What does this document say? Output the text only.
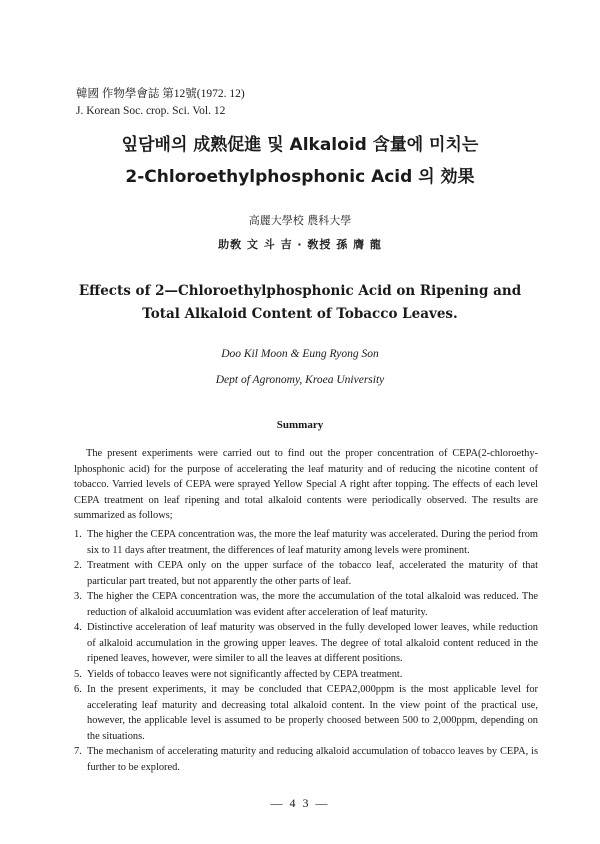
韓國 作物學會誌 第12號(1972. 12)
J. Korean Soc. crop. Sci. Vol. 12
잎담배의 成熟促進 및 Alkaloid 含量에 미치는
2-Chloroethylphosphonic Acid 의 効果
高麗大學校 農科大學
助敎 文 斗 吉 · 敎授 孫 膺 龍
Effects of 2—Chloroethylphosphonic Acid on Ripening and
Total Alkaloid Content of Tobacco Leaves.
Doo Kil Moon & Eung Ryong Son
Dept of Agronomy, Kroea University
Summary
The present experiments were carried out to find out the proper concentration of CEPA(2-chloroethy-lphosphonic acid) for the purpose of accelerating the leaf maturity and of reducing the nicotine content of tobacco. Varried levels of CEPA were sprayed Yellow Special A right after topping. The effects of each level CEPA treatment on leaf ripening and total alkaloid contents were periodically observed. The results are summarized as follows;
1. The higher the CEPA concentration was, the more the leaf maturity was accelerated. During the period from six to 11 days after treatment, the differences of leaf maturity among levels were prominent.
2. Treatment with CEPA only on the upper surface of the tobacco leaf, accelerated the maturity of that particular part treated, but not apparently the other parts of leaf.
3. The higher the CEPA concentration was, the more the accumulation of the total alkaloid was reduced. The reduction of alkaloid accuumlation was evident after acceleration of leaf maturity.
4. Distinctive acceleration of leaf maturity was observed in the fully developed lower leaves, while reduction of alkaloid accumulation in the growing upper leaves. The degree of total alkaloid content reduced in the ripened leaves, however, were similer to all the leaves at different positions.
5. Yields of tobacco leaves were not significantly affected by CEPA treatment.
6. In the present experiments, it may be concluded that CEPA2,000ppm is the most applicable level for accelerating leaf maturity and decreasing total alkaloid content. In the view point of the practical use, however, the applicable level is assumed to be properly choosed between 500 to 2,000ppm, depending on the situations.
7. The mechanism of accelerating maturity and reducing alkaloid accumulation of tobacco leaves by CEPA, is further to be explored.
— 4 3 —
